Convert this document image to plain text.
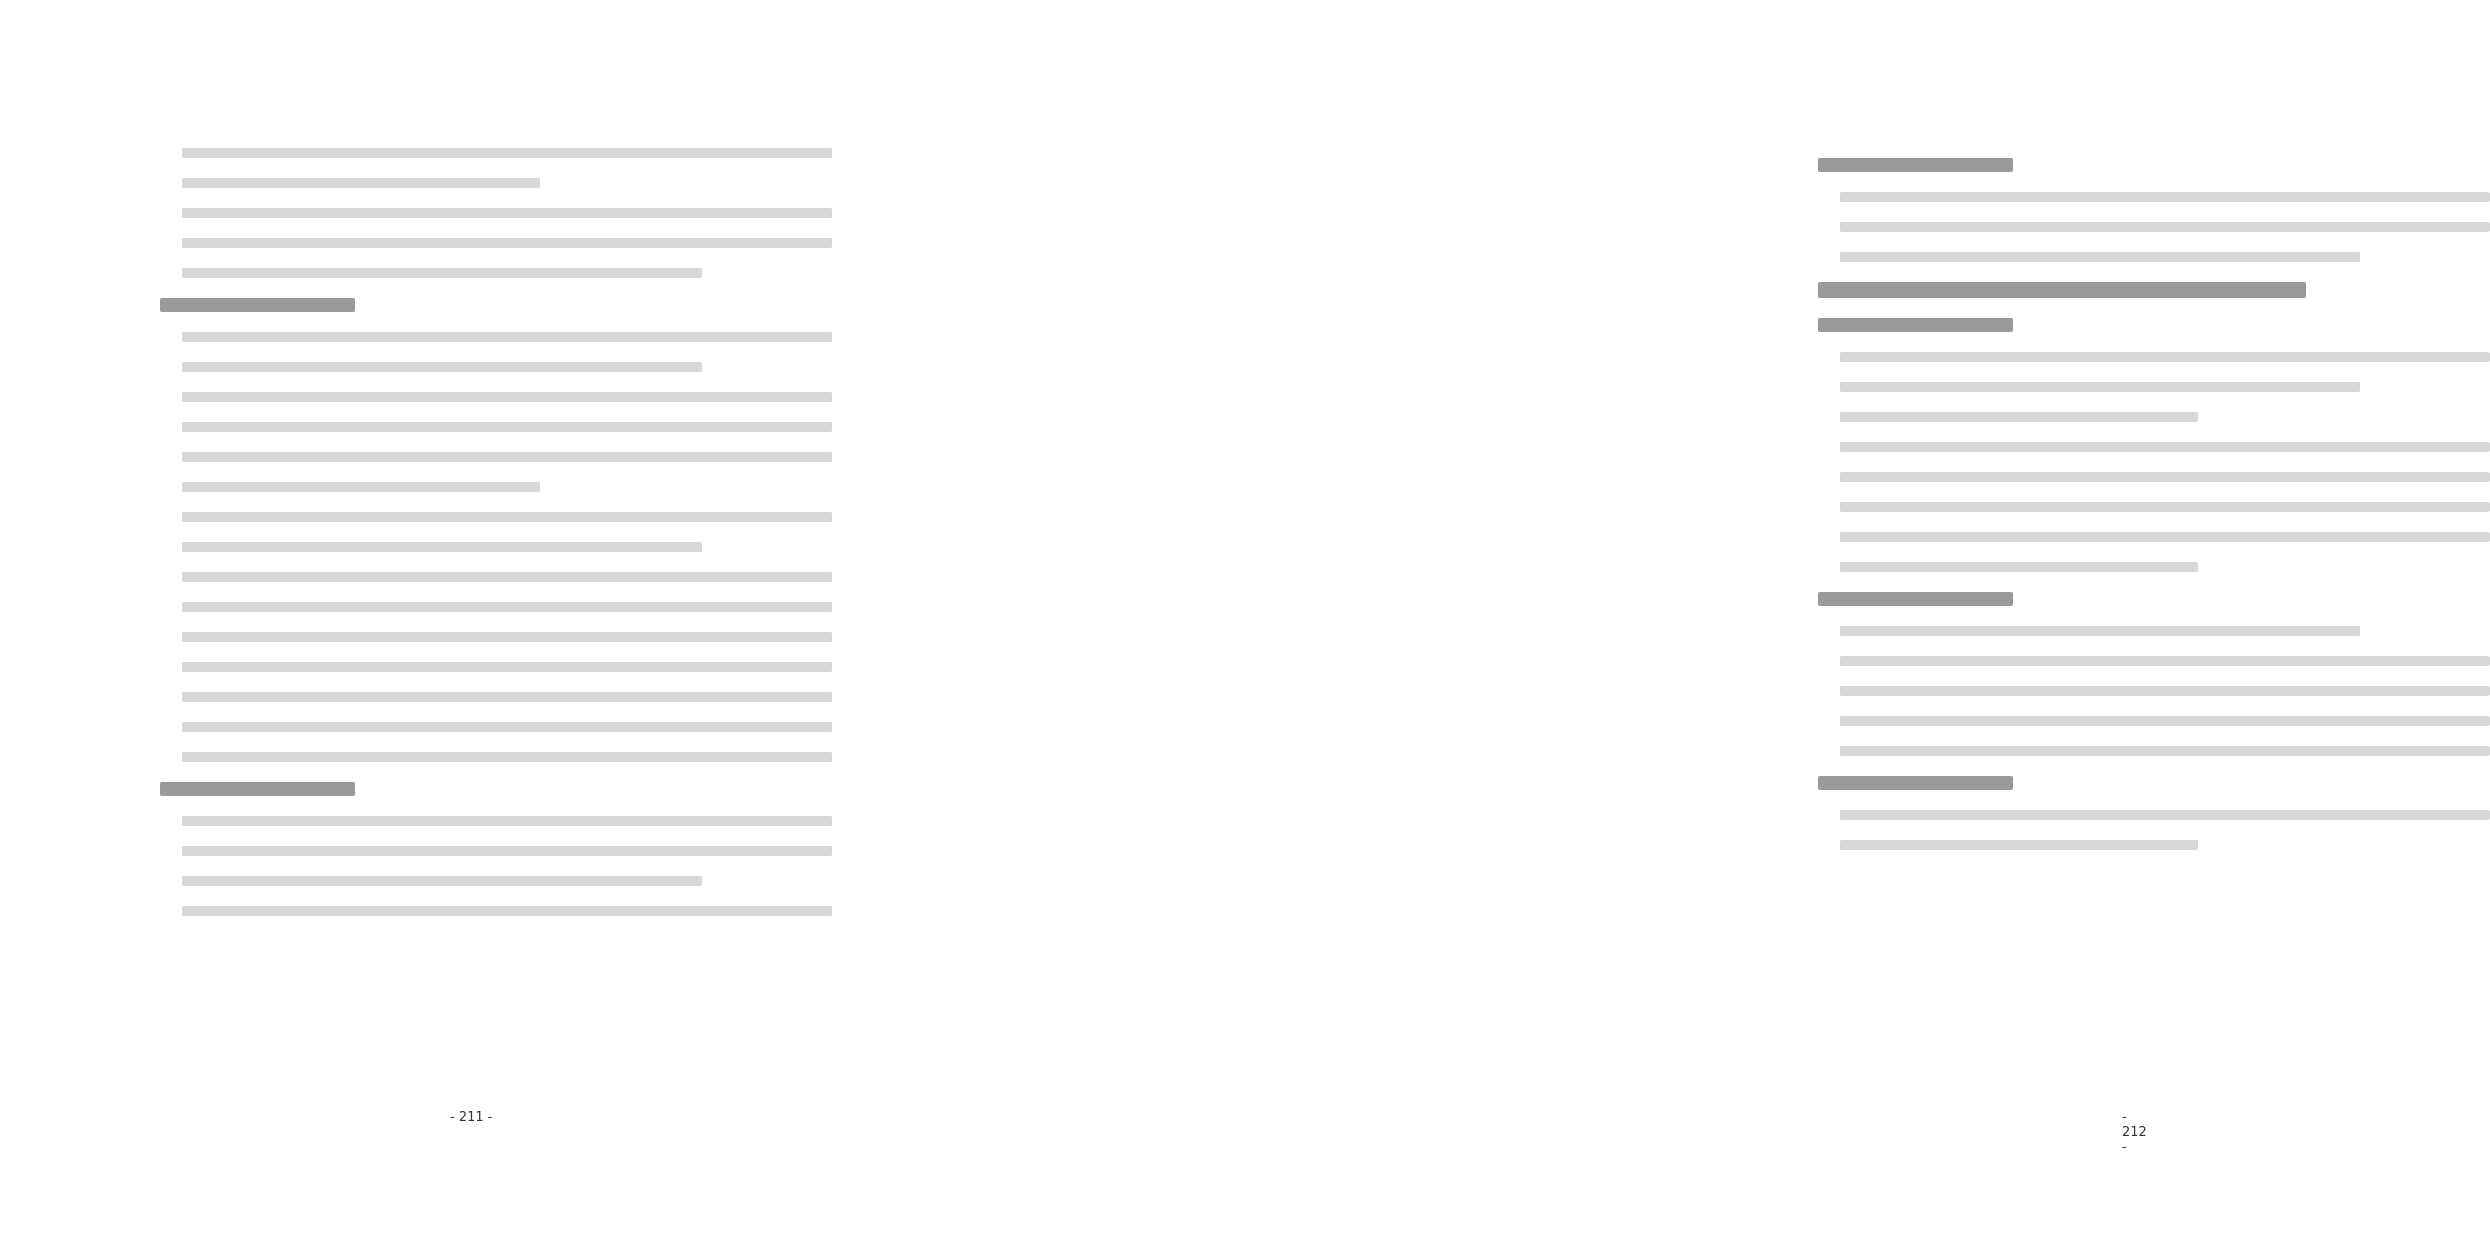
- 211 -	- 212 -
